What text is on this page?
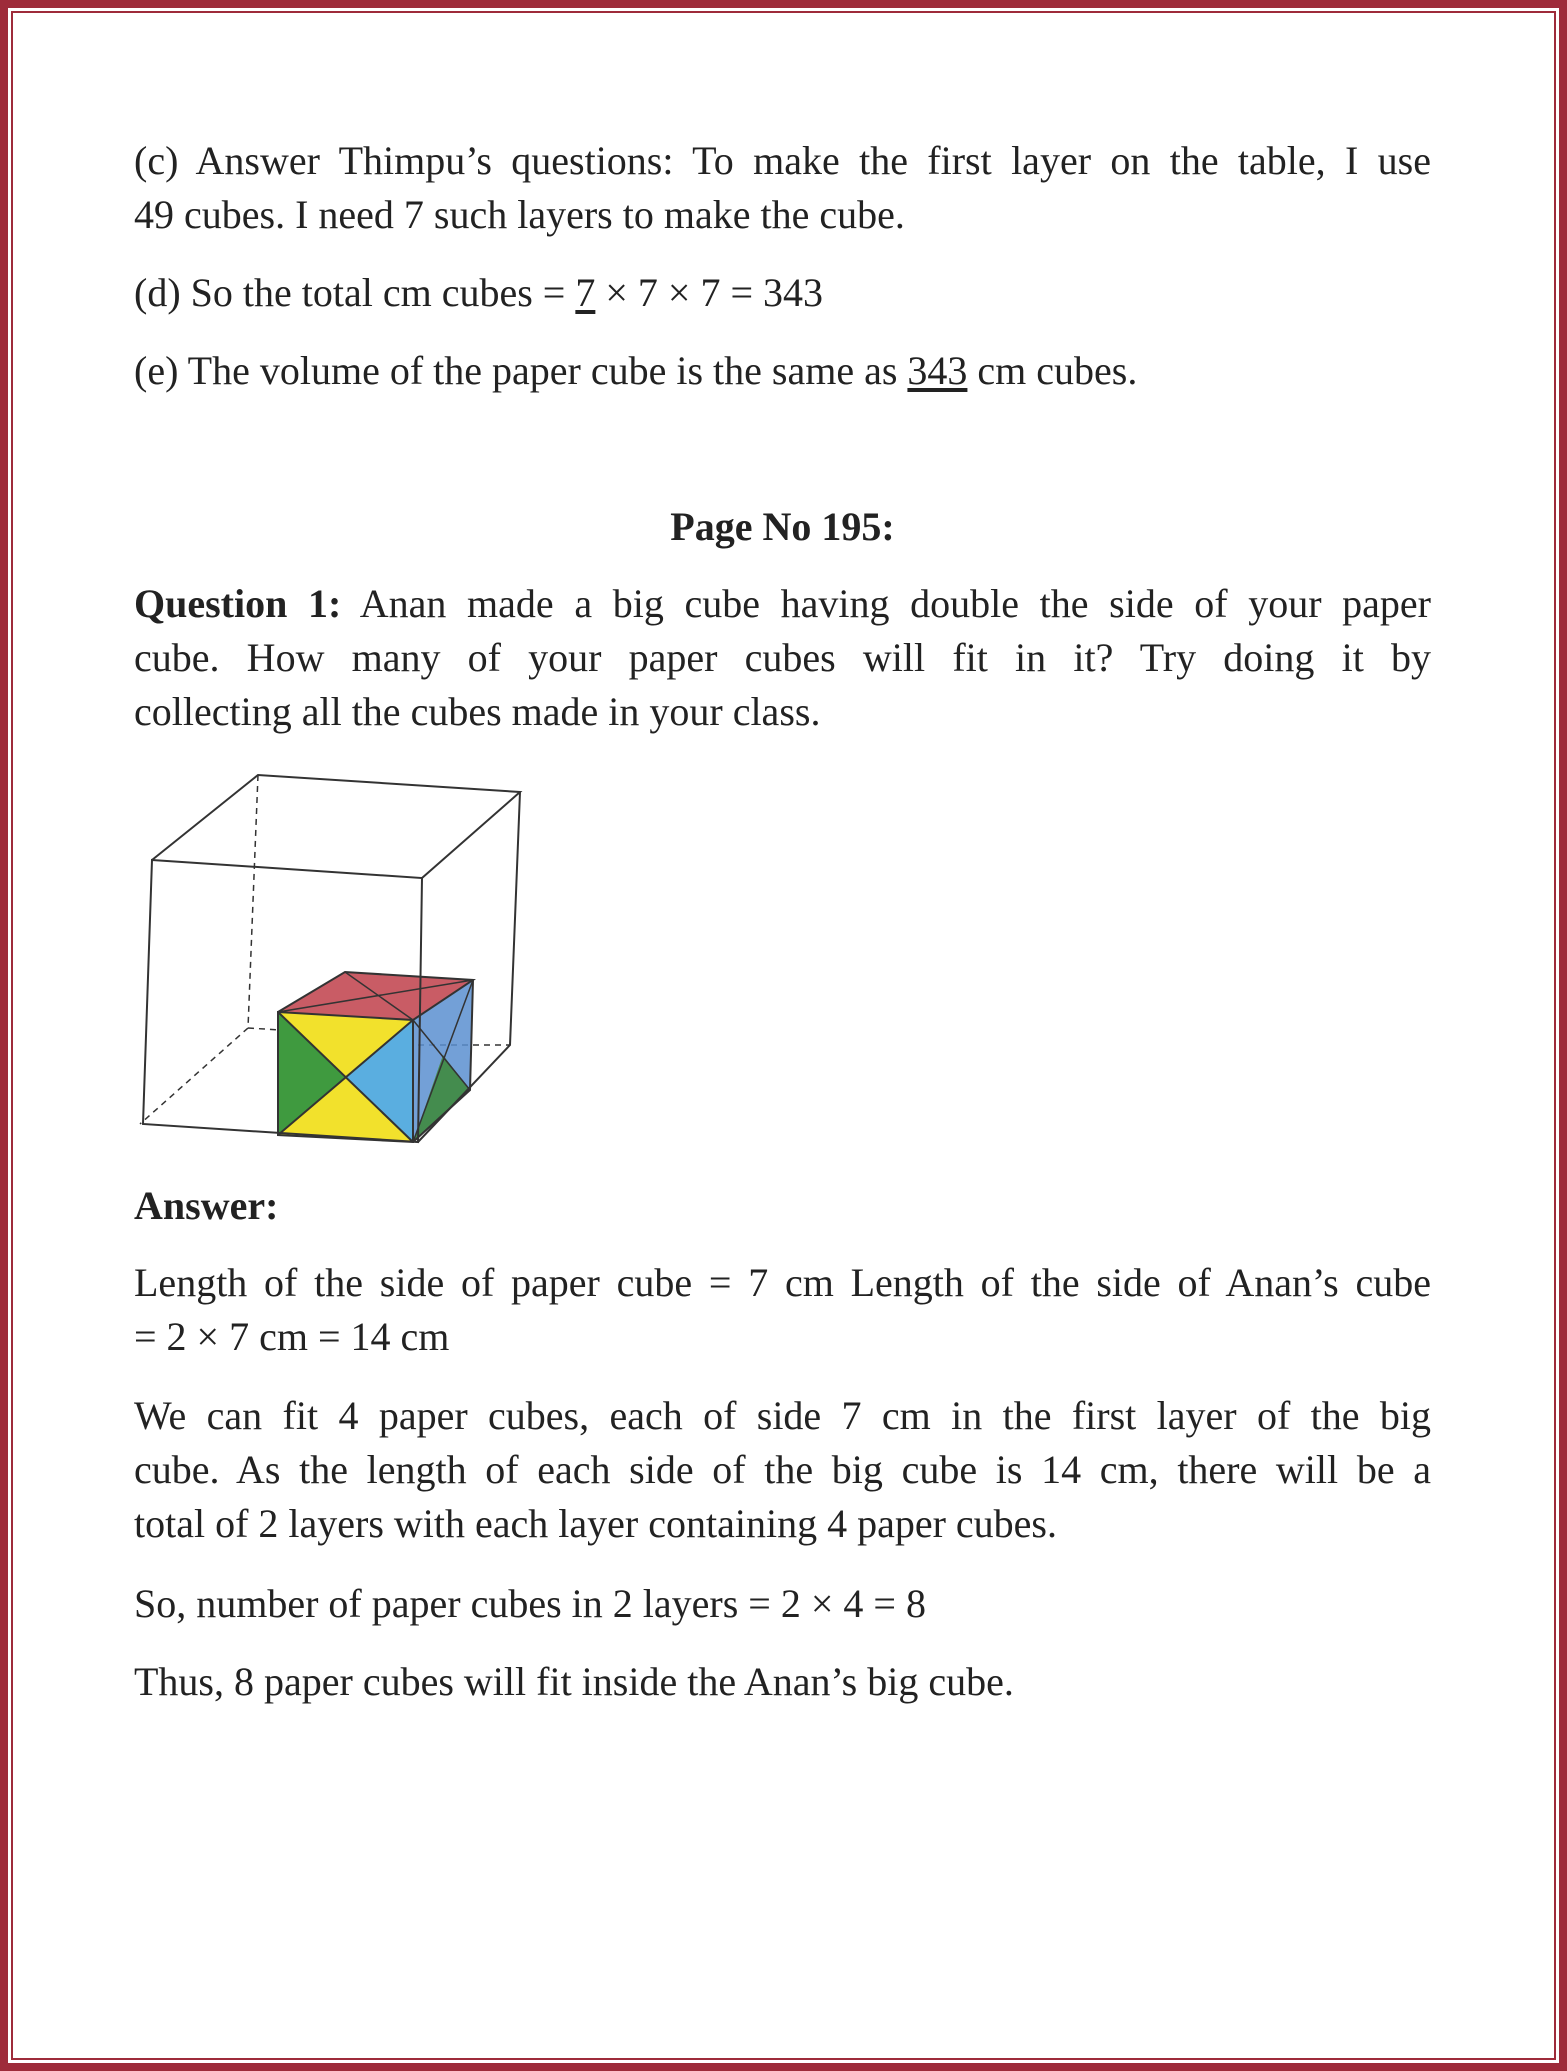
(c) Answer Thimpu’s questions: To make the first layer on the table, I use
49 cubes. I need 7 such layers to make the cube.
(d) So the total cm cubes = 7 × 7 × 7 = 343
(e) The volume of the paper cube is the same as 343 cm cubes.
Page No 195:
Question 1: Anan made a big cube having double the side of your paper
cube. How many of your paper cubes will fit in it? Try doing it by
collecting all the cubes made in your class.
Answer:
Length of the side of paper cube = 7 cm Length of the side of Anan’s cube
= 2 × 7 cm = 14 cm
We can fit 4 paper cubes, each of side 7 cm in the first layer of the big
cube. As the length of each side of the big cube is 14 cm, there will be a
total of 2 layers with each layer containing 4 paper cubes.
So, number of paper cubes in 2 layers = 2 × 4 = 8
Thus, 8 paper cubes will fit inside the Anan’s big cube.
